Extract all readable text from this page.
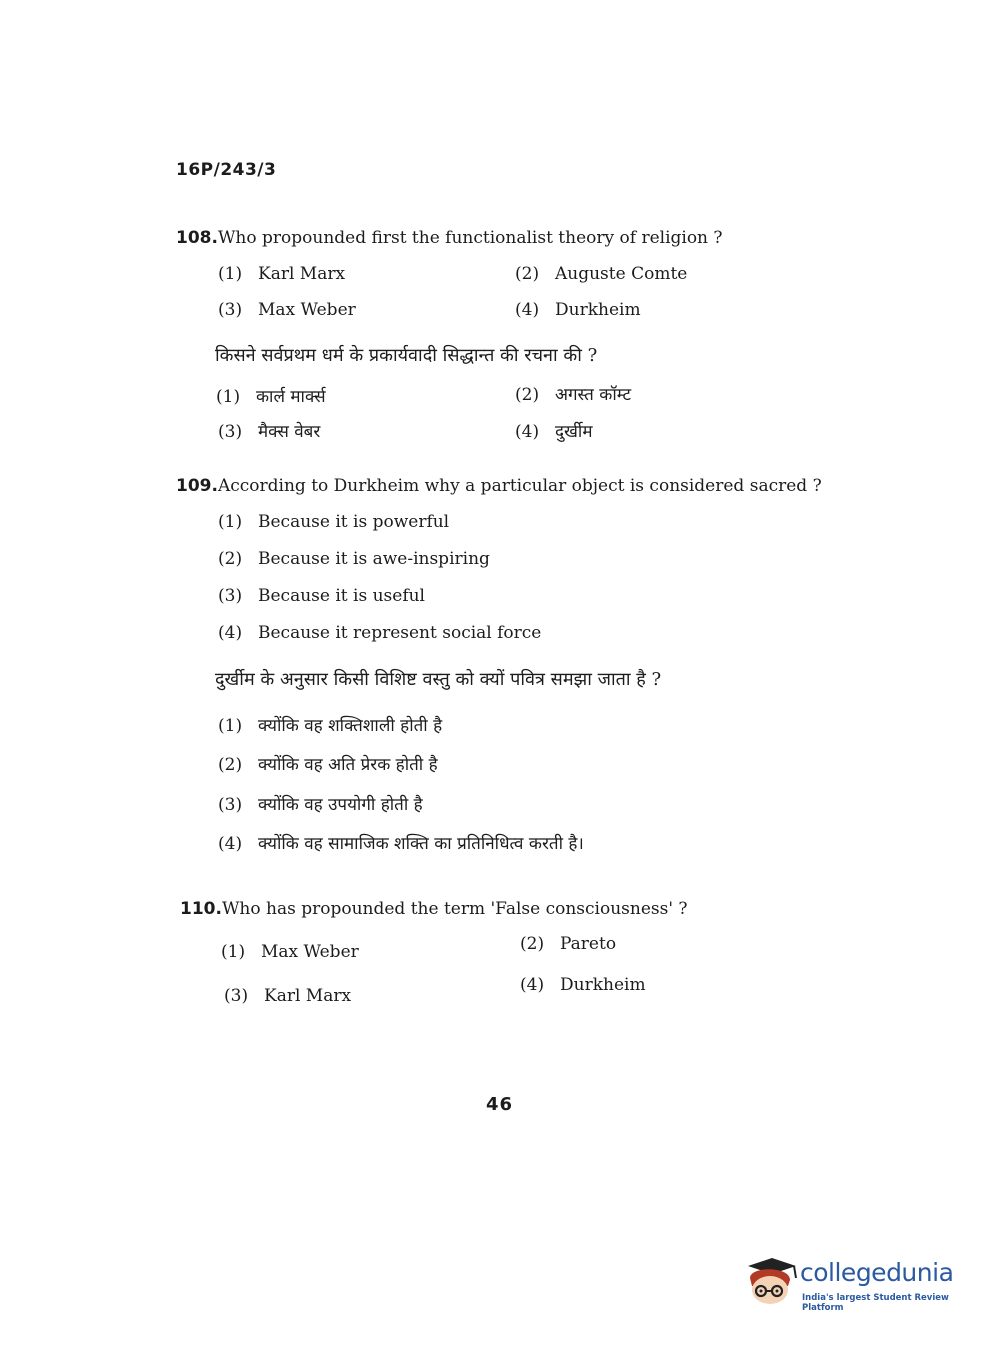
16P/243/3
108.Who propounded first the functionalist theory of religion ?
(1) Karl Marx	(2) Auguste Comte
(3) Max Weber	(4) Durkheim
किसने सर्वप्रथम धर्म के प्रकार्यवादी सिद्धान्त की रचना की ?
(1) कार्ल मार्क्स	(2) अगस्त कॉम्ट
(3) मैक्स वेबर	(4) दुर्खीम
109.According to Durkheim why a particular object is considered sacred ?
(1) Because it is powerful
(2) Because it is awe-inspiring
(3) Because it is useful
(4) Because it represent social force
दुर्खीम के अनुसार किसी विशिष्ट वस्तु को क्यों पवित्र समझा जाता है ?
(1) क्योंकि वह शक्तिशाली होती है
(2) क्योंकि वह अति प्रेरक होती है
(3) क्योंकि वह उपयोगी होती है
(4) क्योंकि वह सामाजिक शक्ति का प्रतिनिधित्व करती है।
110.Who has propounded the term 'False consciousness' ?
(1) Max Weber	(2) Pareto
(3) Karl Marx
(4) Durkheim
46
collegedunia
India's largest Student Review Platform
